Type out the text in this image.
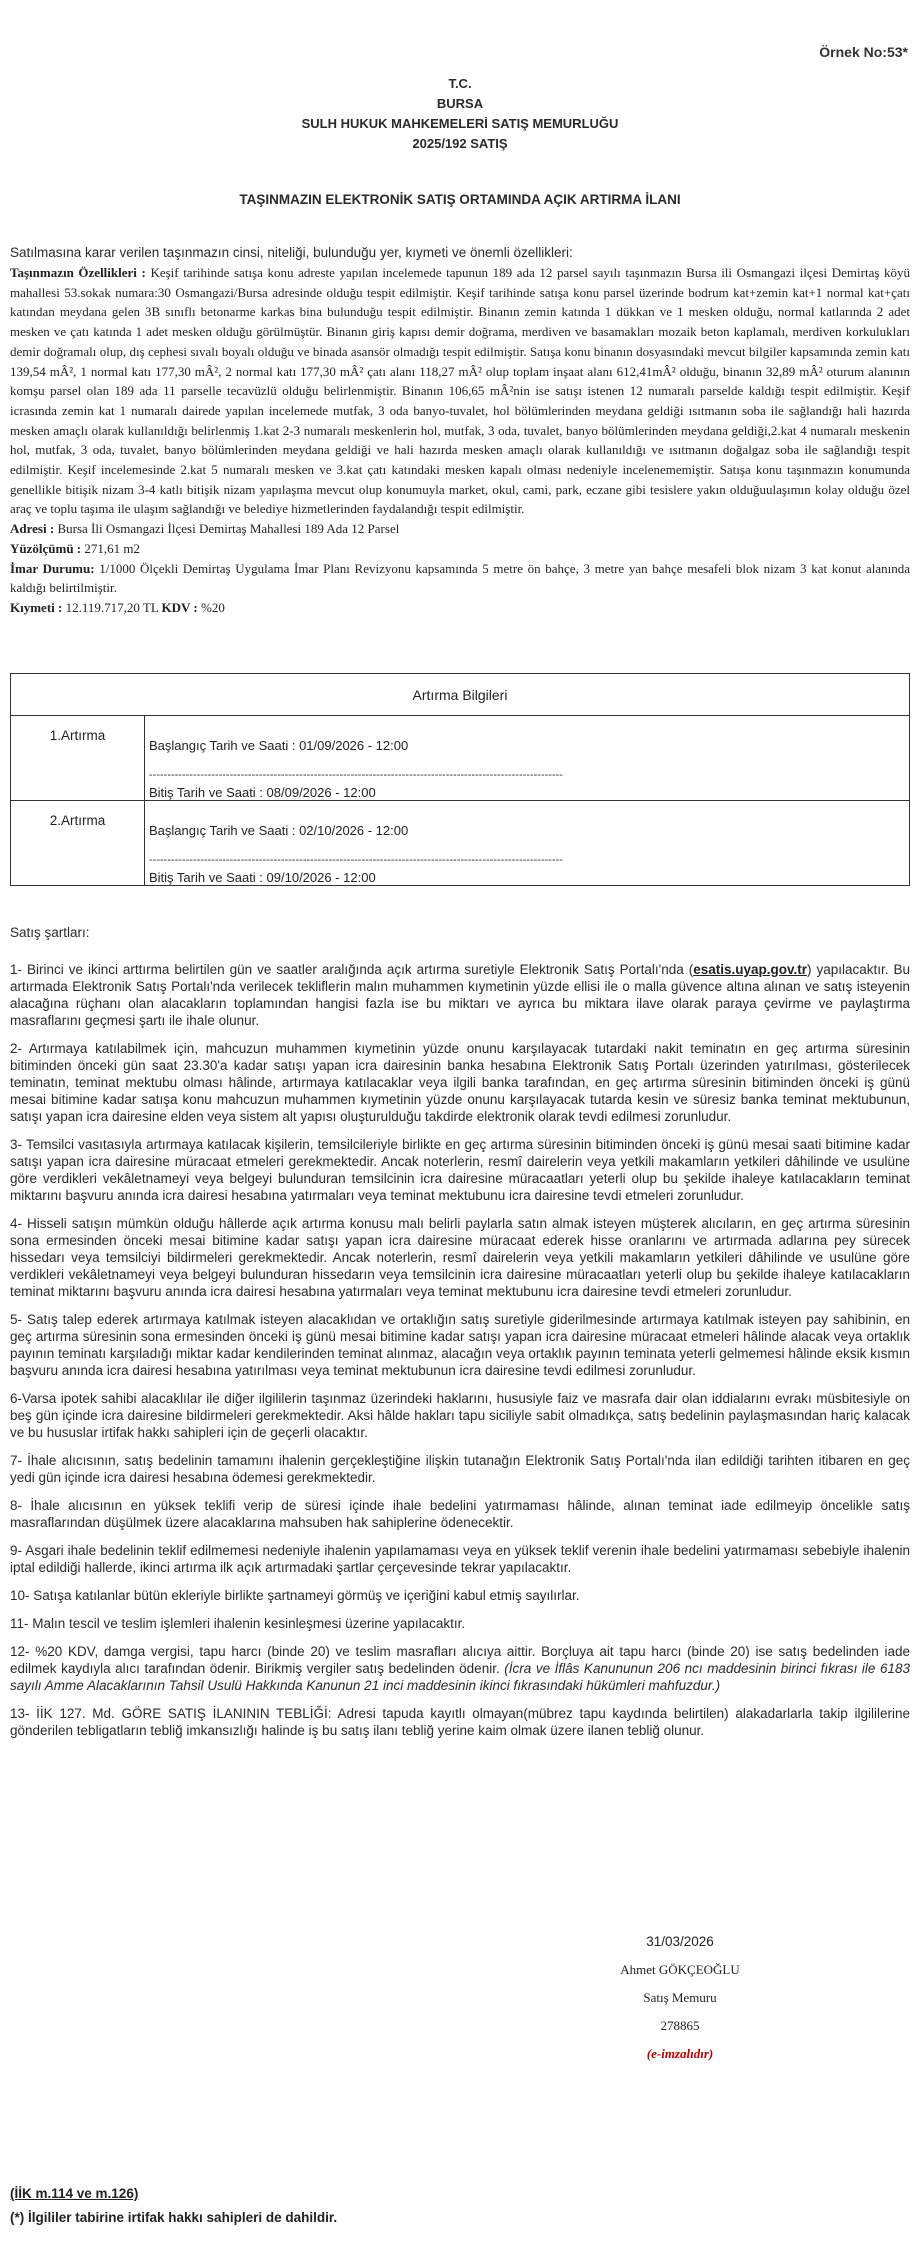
Örnek No:53*
T.C.
BURSA
SULH HUKUK MAHKEMELERİ SATIŞ MEMURLUĞU
2025/192 SATIŞ
TAŞINMAZIN ELEKTRONİK SATIŞ ORTAMINDA AÇIK ARTIRMA İLANI
Satılmasına karar verilen taşınmazın cinsi, niteliği, bulunduğu yer, kıymeti ve önemli özellikleri:

Taşınmazın Özellikleri : Keşif tarihinde satışa konu adreste yapılan incelemede tapunun 189 ada 12 parsel sayılı taşınmazın Bursa ili Osmangazi ilçesi Demirtaş köyü mahallesi 53.sokak numara:30 Osmangazi/Bursa adresinde olduğu tespit edilmiştir. Keşif tarihinde satışa konu parsel üzerinde bodrum kat+zemin kat+1 normal kat+çatı katından meydana gelen 3B sınıflı betonarme karkas bina bulunduğu tespit edilmiştir. Binanın zemin katında 1 dükkan ve 1 mesken olduğu, normal katlarında 2 adet mesken ve çatı katında 1 adet mesken olduğu görülmüştür. Binanın giriş kapısı demir doğrama, merdiven ve basamakları mozaik beton kaplamalı, merdiven korkulukları demir doğramalı olup, dış cephesi sıvalı boyalı olduğu ve binada asansör olmadığı tespit edilmiştir. Satışa konu binanın dosyasındaki mevcut bilgiler kapsamında zemin katı 139,54 mÂ², 1 normal katı 177,30 mÂ², 2 normal katı 177,30 mÂ² çatı alanı 118,27 mÂ² olup toplam inşaat alanı 612,41mÂ² olduğu, binanın 32,89 mÂ² oturum alanının komşu parsel olan 189 ada 11 parselle tecavüzlü olduğu belirlenmiştir. Binanın 106,65 mÂ²nin ise satışı istenen 12 numaralı parselde kaldığı tespit edilmiştir. Keşif icrasında zemin kat 1 numaralı dairede yapılan incelemede mutfak, 3 oda banyo-tuvalet, hol bölümlerinden meydana geldiği ısıtmanın soba ile sağlandığı hali hazırda mesken amaçlı olarak kullanıldığı belirlenmiş 1.kat 2-3 numaralı meskenlerin hol, mutfak, 3 oda, tuvalet, banyo bölümlerinden meydana geldiği,2.kat 4 numaralı meskenin hol, mutfak, 3 oda, tuvalet, banyo bölümlerinden meydana geldiği ve hali hazırda mesken amaçlı olarak kullanıldığı ve ısıtmanın doğalgaz soba ile sağlandığı tespit edilmiştir. Keşif incelemesinde 2.kat 5 numaralı mesken ve 3.kat çatı katındaki mesken kapalı olması nedeniyle incelenememiştir. Satışa konu taşınmazın konumunda genellikle bitişik nizam 3-4 katlı bitişik nizam yapılaşma mevcut olup konumuyla market, okul, cami, park, eczane gibi tesislere yakın olduğuulaşımın kolay olduğu özel araç ve toplu taşıma ile ulaşım sağlandığı ve belediye hizmetlerinden faydalandığı tespit edilmiştir.

Adresi : Bursa İli Osmangazi İlçesi Demirtaş Mahallesi 189 Ada 12 Parsel

Yüzölçümü : 271,61 m2

İmar Durumu: 1/1000 Ölçekli Demirtaş Uygulama İmar Planı Revizyonu kapsamında 5 metre ön bahçe, 3 metre yan bahçe mesafeli blok nizam 3 kat konut alanında kaldığı belirtilmiştir.

Kıymeti : 12.119.717,20 TL KDV : %20

Artırma Bilgileri	
1.Artırma	Başlangıç Tarih ve Saati : 01/09/2026 - 12:00
-----------------------------------------------------------------------------------------------------------------
Bitiş Tarih ve Saati : 08/09/2026 - 12:00

2.Artırma	Başlangıç Tarih ve Saati : 02/10/2026 - 12:00
-----------------------------------------------------------------------------------------------------------------
Bitiş Tarih ve Saati : 09/10/2026 - 12:00

Satış şartları:

1- Birinci ve ikinci arttırma belirtilen gün ve saatler aralığında açık artırma suretiyle Elektronik Satış Portalı'nda (esatis.uyap.gov.tr) yapılacaktır. Bu artırmada Elektronik Satış Portalı'nda verilecek tekliflerin malın muhammen kıymetinin yüzde ellisi ile o malla güvence altına alınan ve satış isteyenin alacağına rüçhanı olan alacakların toplamından hangisi fazla ise bu miktarı ve ayrıca bu miktara ilave olarak paraya çevirme ve paylaştırma masraflarını geçmesi şartı ile ihale olunur.

2- Artırmaya katılabilmek için, mahcuzun muhammen kıymetinin yüzde onunu karşılayacak tutardaki nakit teminatın en geç artırma süresinin bitiminden önceki gün saat 23.30'a kadar satışı yapan icra dairesinin banka hesabına Elektronik Satış Portalı üzerinden yatırılması, gösterilecek teminatın, teminat mektubu olması hâlinde, artırmaya katılacaklar veya ilgili banka tarafından, en geç artırma süresinin bitiminden önceki iş günü mesai bitimine kadar satışa konu mahcuzun muhammen kıymetinin yüzde onunu karşılayacak tutarda kesin ve süresiz banka teminat mektubunun, satışı yapan icra dairesine elden veya sistem alt yapısı oluşturulduğu takdirde elektronik olarak tevdi edilmesi zorunludur.

3- Temsilci vasıtasıyla artırmaya katılacak kişilerin, temsilcileriyle birlikte en geç artırma süresinin bitiminden önceki iş günü mesai saati bitimine kadar satışı yapan icra dairesine müracaat etmeleri gerekmektedir. Ancak noterlerin, resmî dairelerin veya yetkili makamların yetkileri dâhilinde ve usulüne göre verdikleri vekâletnameyi veya belgeyi bulunduran temsilcinin icra dairesine müracaatları yeterli olup bu şekilde ihaleye katılacakların teminat miktarını başvuru anında icra dairesi hesabına yatırmaları veya teminat mektubunu icra dairesine tevdi etmeleri zorunludur.

4- Hisseli satışın mümkün olduğu hâllerde açık artırma konusu malı belirli paylarla satın almak isteyen müşterek alıcıların, en geç artırma süresinin sona ermesinden önceki mesai bitimine kadar satışı yapan icra dairesine müracaat ederek hisse oranlarını ve artırmada adlarına pey sürecek hissedarı veya temsilciyi bildirmeleri gerekmektedir. Ancak noterlerin, resmî dairelerin veya yetkili makamların yetkileri dâhilinde ve usulüne göre verdikleri vekâletnameyi veya belgeyi bulunduran hissedarın veya temsilcinin icra dairesine müracaatları yeterli olup bu şekilde ihaleye katılacakların teminat miktarını başvuru anında icra dairesi hesabına yatırmaları veya teminat mektubunu icra dairesine tevdi etmeleri zorunludur.

5- Satış talep ederek artırmaya katılmak isteyen alacaklıdan ve ortaklığın satış suretiyle giderilmesinde artırmaya katılmak isteyen pay sahibinin, en geç artırma süresinin sona ermesinden önceki iş günü mesai bitimine kadar satışı yapan icra dairesine müracaat etmeleri hâlinde alacak veya ortaklık payının teminatı karşıladığı miktar kadar kendilerinden teminat alınmaz, alacağın veya ortaklık payının teminata yeterli gelmemesi hâlinde eksik kısmın başvuru anında icra dairesi hesabına yatırılması veya teminat mektubunun icra dairesine tevdi edilmesi zorunludur.

6-Varsa ipotek sahibi alacaklılar ile diğer ilgililerin taşınmaz üzerindeki haklarını, hususiyle faiz ve masrafa dair olan iddialarını evrakı müsbitesiyle on beş gün içinde icra dairesine bildirmeleri gerekmektedir. Aksi hâlde hakları tapu siciliyle sabit olmadıkça, satış bedelinin paylaşmasından hariç kalacak ve bu hususlar irtifak hakkı sahipleri için de geçerli olacaktır.

7- İhale alıcısının, satış bedelinin tamamını ihalenin gerçekleştiğine ilişkin tutanağın Elektronik Satış Portalı'nda ilan edildiği tarihten itibaren en geç yedi gün içinde icra dairesi hesabına ödemesi gerekmektedir.

8- İhale alıcısının en yüksek teklifi verip de süresi içinde ihale bedelini yatırmaması hâlinde, alınan teminat iade edilmeyip öncelikle satış masraflarından düşülmek üzere alacaklarına mahsuben hak sahiplerine ödenecektir.

9- Asgari ihale bedelinin teklif edilmemesi nedeniyle ihalenin yapılamaması veya en yüksek teklif verenin ihale bedelini yatırmaması sebebiyle ihalenin iptal edildiği hallerde, ikinci artırma ilk açık artırmadaki şartlar çerçevesinde tekrar yapılacaktır.

10- Satışa katılanlar bütün ekleriyle birlikte şartnameyi görmüş ve içeriğini kabul etmiş sayılırlar.

11- Malın tescil ve teslim işlemleri ihalenin kesinleşmesi üzerine yapılacaktır.

12- %20 KDV, damga vergisi, tapu harcı (binde 20) ve teslim masrafları alıcıya aittir. Borçluya ait tapu harcı (binde 20) ise satış bedelinden iade edilmek kaydıyla alıcı tarafından ödenir. Birikmiş vergiler satış bedelinden ödenir. (İcra ve İflâs Kanununun 206 ncı maddesinin birinci fıkrası ile 6183 sayılı Amme Alacaklarının Tahsil Usulü Hakkında Kanunun 21 inci maddesinin ikinci fıkrasındaki hükümleri mahfuzdur.)

13- İİK 127. Md. GÖRE SATIŞ İLANININ TEBLİĞİ: Adresi tapuda kayıtlı olmayan(mübrez tapu kaydında belirtilen) alakadarlarla takip ilgililerine gönderilen tebligatların tebliğ imkansızlığı halinde iş bu satış ilanı tebliğ yerine kaim olmak üzere ilanen tebliğ olunur.

31/03/2026
Ahmet GÖKÇEOĞLU
Satış Memuru
278865
(e-imzalıdır)
(İİK m.114 ve m.126)
(*) İlgililer tabirine irtifak hakkı sahipleri de dahildir.
